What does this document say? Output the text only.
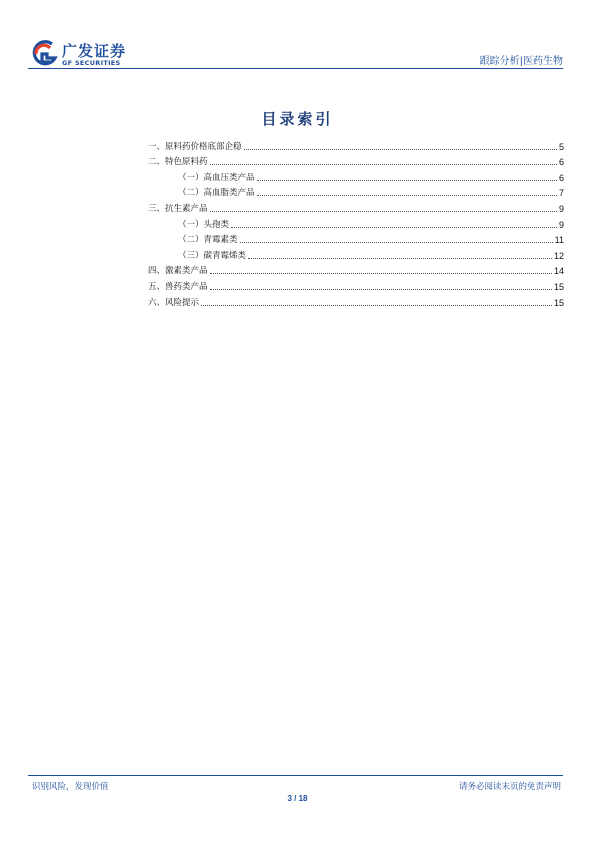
广发证券
GF SECURITIES	跟踪分析|医药生物
目录索引
一、原料药价格底部企稳	5
二、特色原料药	6
（一）高血压类产品	6
（二）高血脂类产品	7
三、抗生素产品	9
（一）头孢类	9
（二）青霉素类	11
（三）碳青霉烯类	12
四、激素类产品	14
五、兽药类产品	15
六、风险提示	15
识别风险，发现价值	请务必阅读末页的免责声明
3 / 18
